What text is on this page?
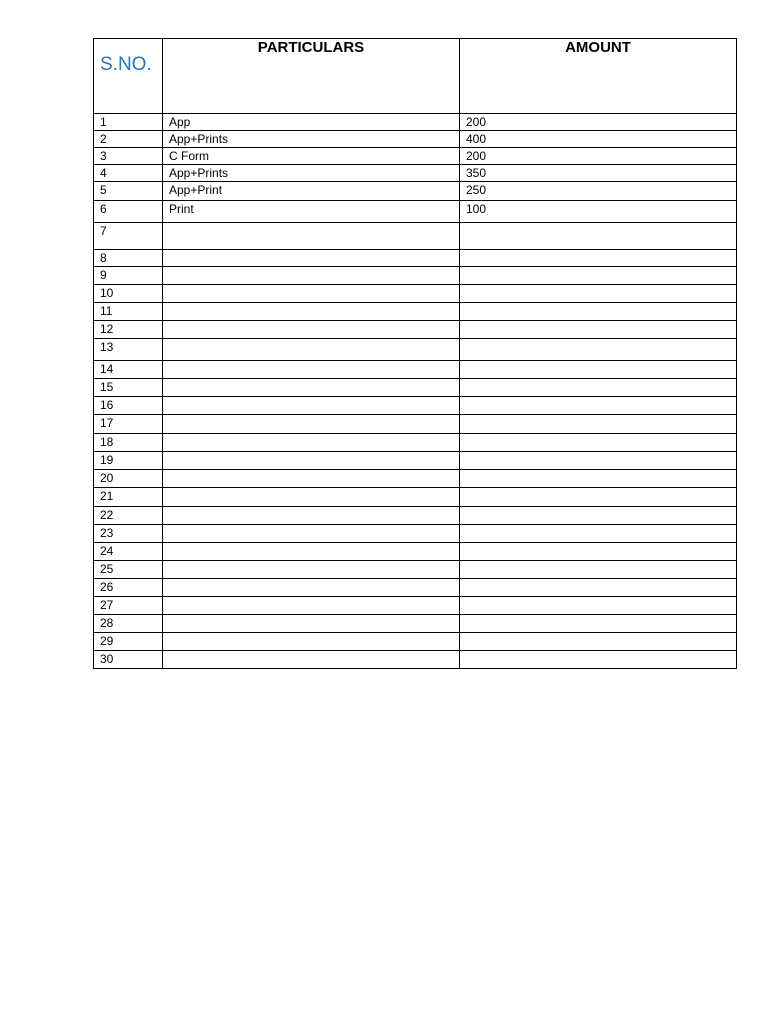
S.NO.	PARTICULARS	AMOUNT
1	App	200
2	App+Prints	400
3	C Form	200
4	App+Prints	350
5	App+Print	250
6	Print	100
7		
8		
9		
10		
11		
12		
13		
14		
15		
16		
17		
18		
19		
20		
21		
22		
23		
24		
25		
26		
27		
28		
29		
30		
